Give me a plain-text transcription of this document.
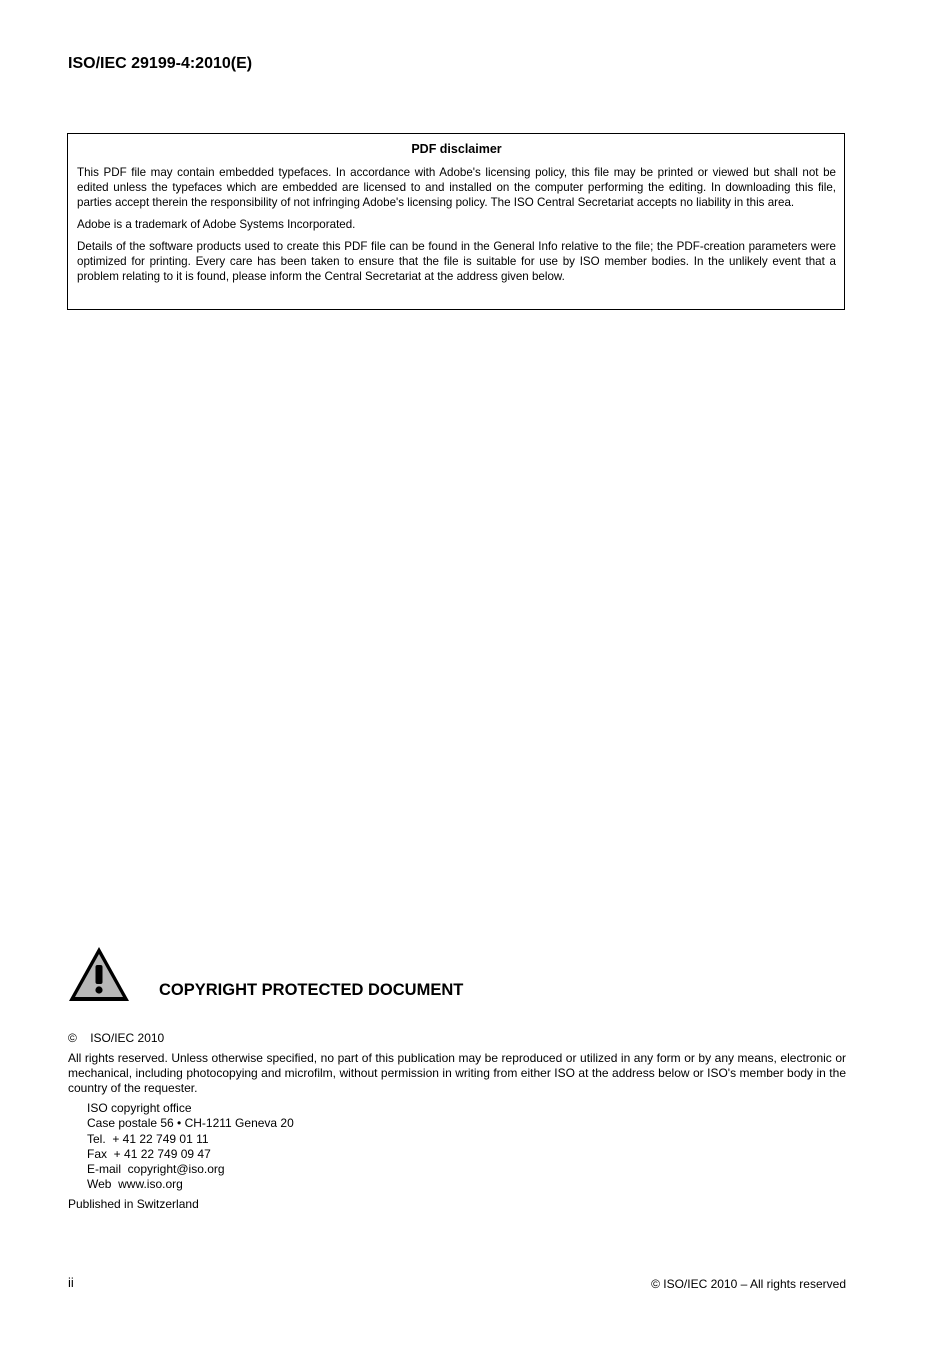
ISO/IEC 29199-4:2010(E)
PDF disclaimer

This PDF file may contain embedded typefaces. In accordance with Adobe's licensing policy, this file may be printed or viewed but shall not be edited unless the typefaces which are embedded are licensed to and installed on the computer performing the editing. In downloading this file, parties accept therein the responsibility of not infringing Adobe's licensing policy. The ISO Central Secretariat accepts no liability in this area.

Adobe is a trademark of Adobe Systems Incorporated.

Details of the software products used to create this PDF file can be found in the General Info relative to the file; the PDF-creation parameters were optimized for printing. Every care has been taken to ensure that the file is suitable for use by ISO member bodies. In the unlikely event that a problem relating to it is found, please inform the Central Secretariat at the address given below.

COPYRIGHT PROTECTED DOCUMENT
© ISO/IEC 2010

All rights reserved. Unless otherwise specified, no part of this publication may be reproduced or utilized in any form or by any means, electronic or mechanical, including photocopying and microfilm, without permission in writing from either ISO at the address below or ISO's member body in the country of the requester.

ISO copyright office
Case postale 56 • CH-1211 Geneva 20
Tel.  + 41 22 749 01 11
Fax  + 41 22 749 09 47
E-mail  copyright@iso.org
Web  www.iso.org
Published in Switzerland
ii	© ISO/IEC 2010 – All rights reserved
